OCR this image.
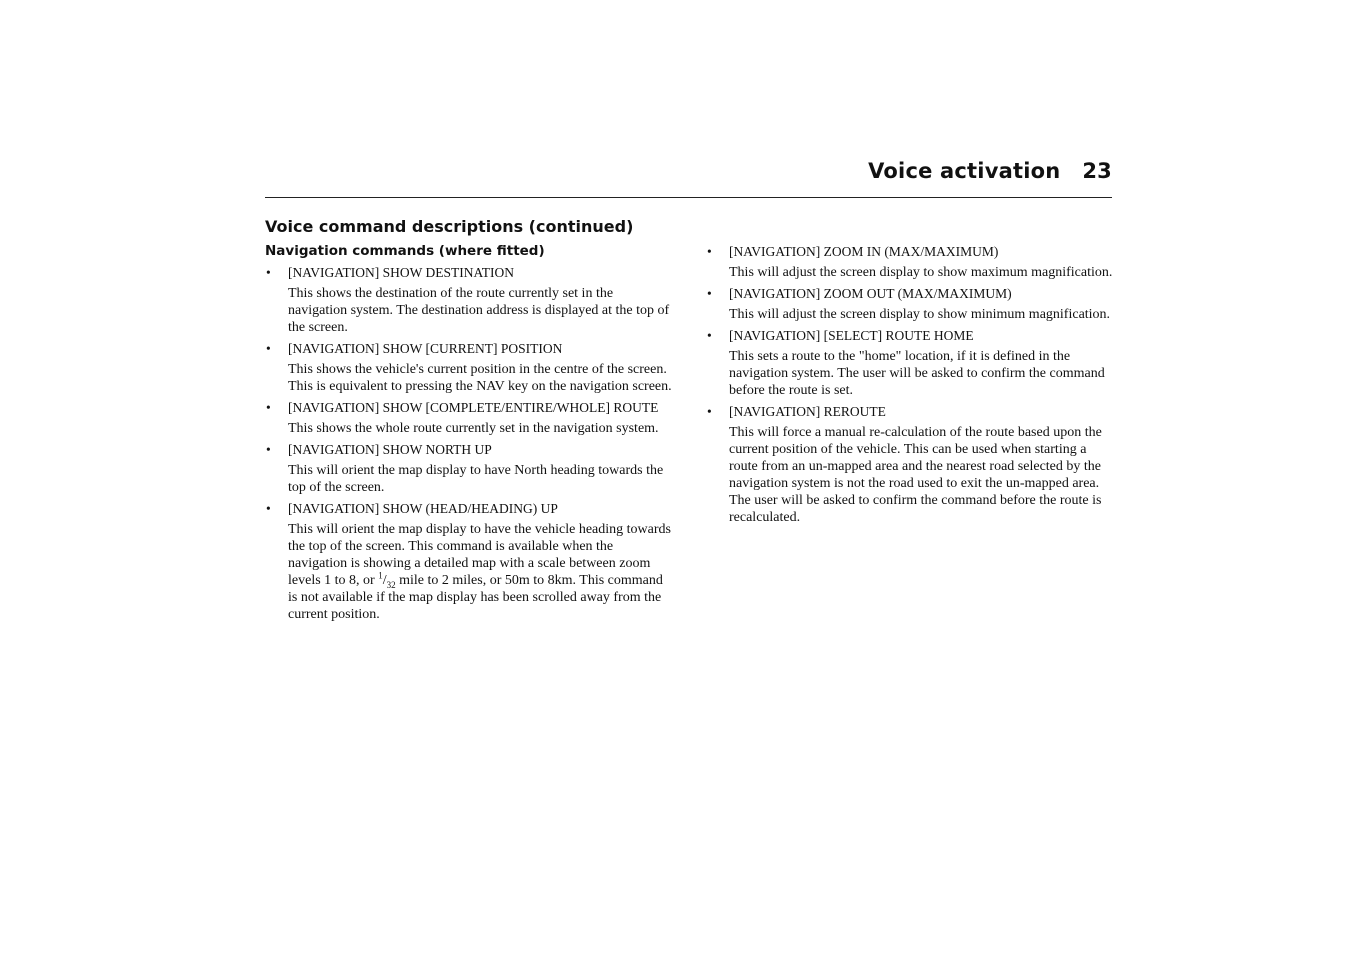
Voice activation 23
Voice command descriptions (continued)
Navigation commands (where fitted)
• [NAVIGATION] SHOW DESTINATION
This shows the destination of the route currently set in the navigation system. The destination address is displayed at the top of the screen.
• [NAVIGATION] SHOW [CURRENT] POSITION
This shows the vehicle's current position in the centre of the screen. This is equivalent to pressing the NAV key on the navigation screen.
• [NAVIGATION] SHOW [COMPLETE/ENTIRE/WHOLE] ROUTE
This shows the whole route currently set in the navigation system.
• [NAVIGATION] SHOW NORTH UP
This will orient the map display to have North heading towards the top of the screen.
• [NAVIGATION] SHOW (HEAD/HEADING) UP
This will orient the map display to have the vehicle heading towards the top of the screen. This command is available when the navigation is showing a detailed map with a scale between zoom levels 1 to 8, or $^1/_{32}$ mile to 2 miles, or 50m to 8km. This command is not available if the map display has been scrolled away from the current position.
• [NAVIGATION] ZOOM IN (MAX/MAXIMUM)
This will adjust the screen display to show maximum magnification.
• [NAVIGATION] ZOOM OUT (MAX/MAXIMUM)
This will adjust the screen display to show minimum magnification.
• [NAVIGATION] [SELECT] ROUTE HOME
This sets a route to the "home" location, if it is defined in the navigation system. The user will be asked to confirm the command before the route is set.
• [NAVIGATION] REROUTE
This will force a manual re-calculation of the route based upon the current position of the vehicle. This can be used when starting a route from an un-mapped area and the nearest road selected by the navigation system is not the road used to exit the un-mapped area. The user will be asked to confirm the command before the route is recalculated.
